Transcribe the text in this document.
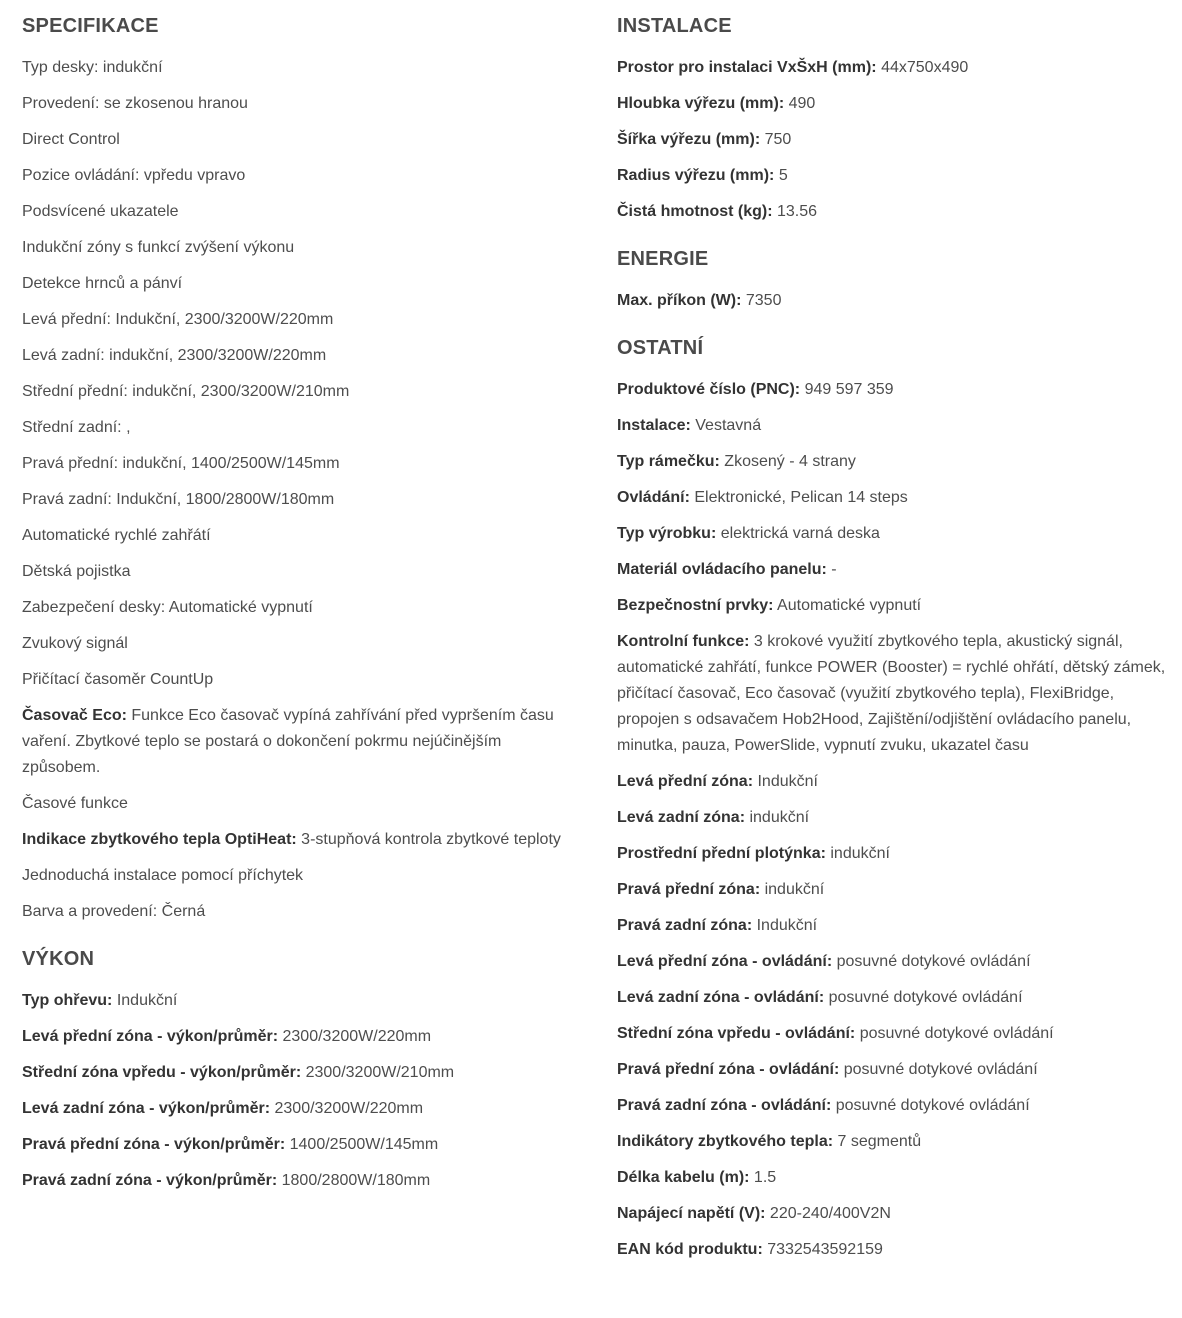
SPECIFIKACE
Typ desky: indukční
Provedení: se zkosenou hranou
Direct Control
Pozice ovládání: vpředu vpravo
Podsvícené ukazatele
Indukční zóny s funkcí zvýšení výkonu
Detekce hrnců a pánví
Levá přední: Indukční, 2300/3200W/220mm
Levá zadní: indukční, 2300/3200W/220mm
Střední přední: indukční, 2300/3200W/210mm
Střední zadní: ,
Pravá přední: indukční, 1400/2500W/145mm
Pravá zadní: Indukční, 1800/2800W/180mm
Automatické rychlé zahřátí
Dětská pojistka
Zabezpečení desky: Automatické vypnutí
Zvukový signál
Přičítací časoměr CountUp
Časovač Eco: Funkce Eco časovač vypíná zahřívání před vypršením času vaření. Zbytkové teplo se postará o dokončení pokrmu nejúčinějším způsobem.
Časové funkce
Indikace zbytkového tepla OptiHeat: 3-stupňová kontrola zbytkové teploty
Jednoduchá instalace pomocí příchytek
Barva a provedení: Černá
VÝKON
Typ ohřevu: Indukční
Levá přední zóna - výkon/průměr: 2300/3200W/220mm
Střední zóna vpředu - výkon/průměr: 2300/3200W/210mm
Levá zadní zóna - výkon/průměr: 2300/3200W/220mm
Pravá přední zóna - výkon/průměr: 1400/2500W/145mm
Pravá zadní zóna - výkon/průměr: 1800/2800W/180mm
INSTALACE
Prostor pro instalaci VxŠxH (mm): 44x750x490
Hloubka výřezu (mm): 490
Šířka výřezu (mm): 750
Radius výřezu (mm): 5
Čistá hmotnost (kg): 13.56
ENERGIE
Max. příkon (W): 7350
OSTATNÍ
Produktové číslo (PNC): 949 597 359
Instalace: Vestavná
Typ rámečku: Zkosený - 4 strany
Ovládání: Elektronické, Pelican 14 steps
Typ výrobku: elektrická varná deska
Materiál ovládacího panelu: -
Bezpečnostní prvky: Automatické vypnutí
Kontrolní funkce: 3 krokové využití zbytkového tepla, akustický signál, automatické zahřátí, funkce POWER (Booster) = rychlé ohřátí, dětský zámek, přičítací časovač, Eco časovač (využití zbytkového tepla), FlexiBridge, propojen s odsavačem Hob2Hood, Zajištění/odjištění ovládacího panelu, minutka, pauza, PowerSlide, vypnutí zvuku, ukazatel času
Levá přední zóna: Indukční
Levá zadní zóna: indukční
Prostřední přední plotýnka: indukční
Pravá přední zóna: indukční
Pravá zadní zóna: Indukční
Levá přední zóna - ovládání: posuvné dotykové ovládání
Levá zadní zóna - ovládání: posuvné dotykové ovládání
Střední zóna vpředu - ovládání: posuvné dotykové ovládání
Pravá přední zóna - ovládání: posuvné dotykové ovládání
Pravá zadní zóna - ovládání: posuvné dotykové ovládání
Indikátory zbytkového tepla: 7 segmentů
Délka kabelu (m): 1.5
Napájecí napětí (V): 220-240/400V2N
EAN kód produktu: 7332543592159
